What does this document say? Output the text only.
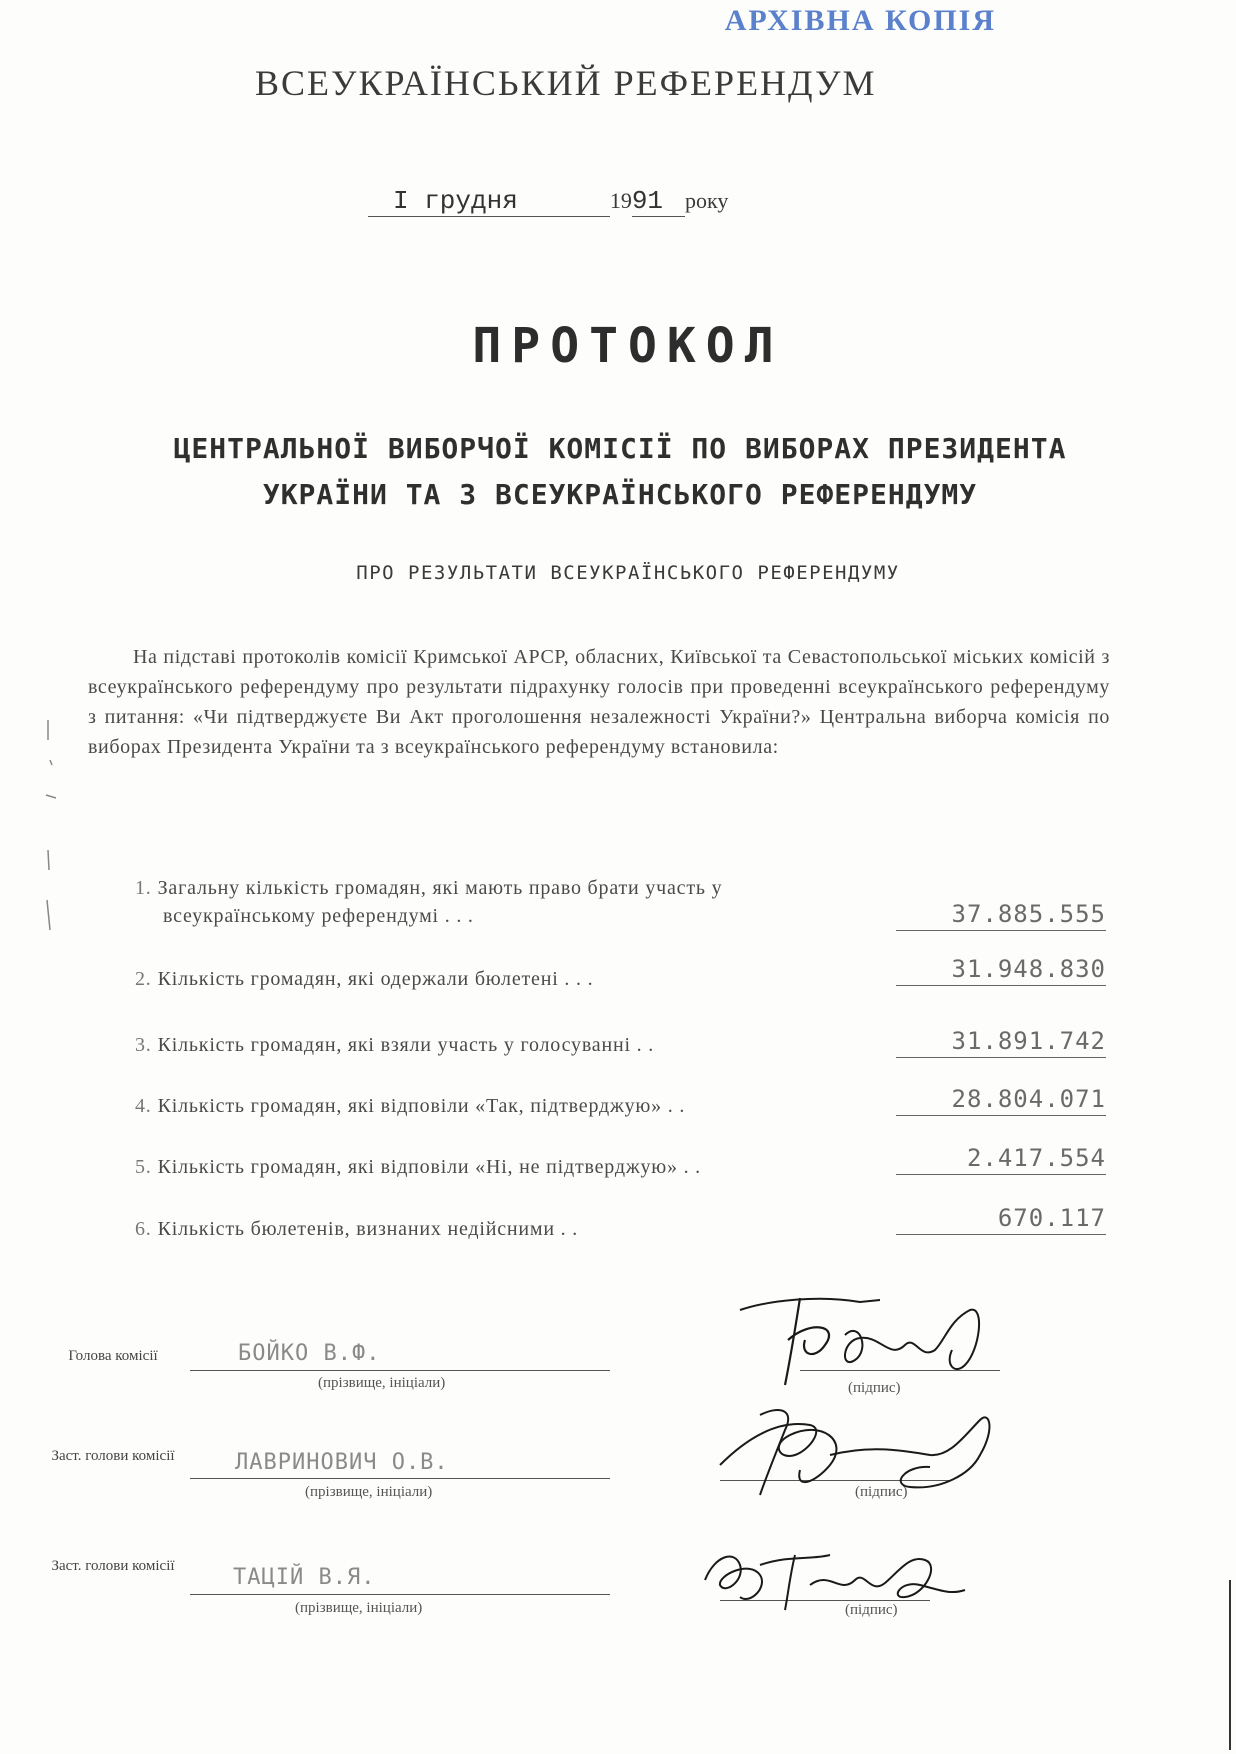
АРХІВНА КОПІЯ
ВСЕУКРАЇНСЬКИЙ РЕФЕРЕНДУМ
I грудня	1991 року
ПРОТОКОЛ
ЦЕНТРАЛЬНОЇ ВИБОРЧОЇ КОМІСІЇ ПО ВИБОРАХ ПРЕЗИДЕНТА
УКРАЇНИ ТА З ВСЕУКРАЇНСЬКОГО РЕФЕРЕНДУМУ
ПРО РЕЗУЛЬТАТИ ВСЕУКРАЇНСЬКОГО РЕФЕРЕНДУМУ
На підставі протоколів комісії Кримської АРСР, обласних, Київської та Севастопольської міських комісій з всеукраїнського референдуму про результати підрахунку голосів при проведенні всеукраїнського референдуму з питання: «Чи підтверджуєте Ви Акт проголошення незалежності України?» Центральна виборча комісія по виборах Президента України та з всеукраїнського референдуму встановила:
1. Загальну кількість громадян, які мають право брати участь у
всеукраїнському референдумі . . .	37.885.555
2. Кількість громадян, які одержали бюлетені . . .	31.948.830
3. Кількість громадян, які взяли участь у голосуванні . .	31.891.742
4. Кількість громадян, які відповіли «Так, підтверджую» . .	28.804.071
5. Кількість громадян, які відповіли «Ні, не підтверджую» . .	2.417.554
6. Кількість бюлетенів, визнаних недійсними . .	670.117
Голова комісії	БОЙКО В.Ф.
(прізвище, ініціали)	(підпис)
Заст. голови комісії	ЛАВРИНОВИЧ О.В.
(прізвище, ініціали)	(підпис)
Заст. голови комісії	ТАЦІЙ В.Я.
(прізвище, ініціали)	(підпис)
